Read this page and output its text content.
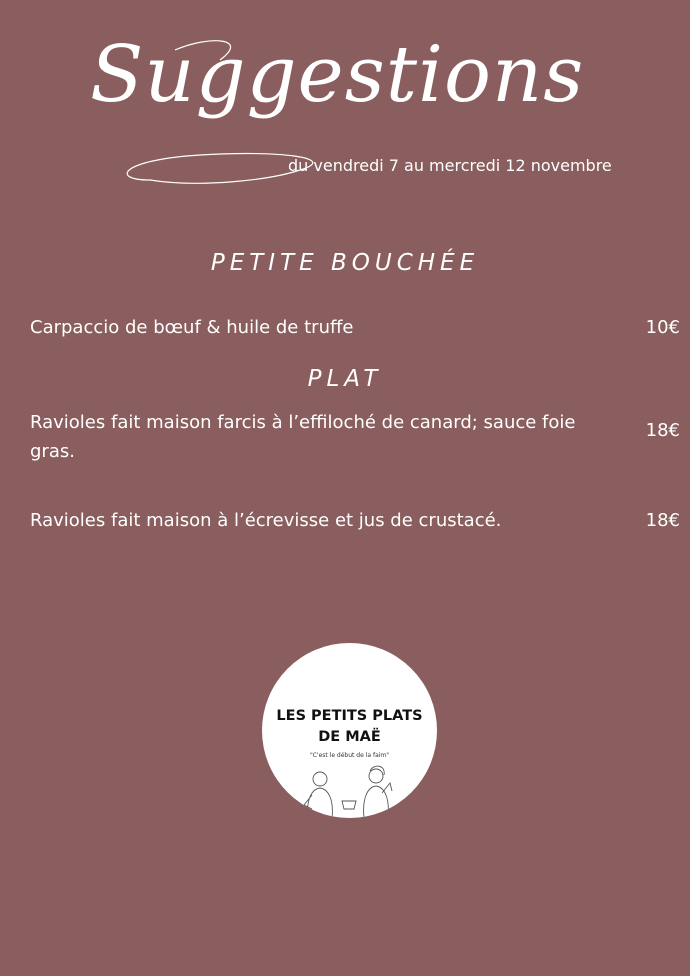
Suggestions
du vendredi 7 au mercredi 12 novembre
PETITE BOUCHÉE
Carpaccio de bœuf & huile de truffe	10€
PLAT
Ravioles fait maison farcis à l’effiloché de canard; sauce foie gras.
18€
Ravioles fait maison à l’écrevisse et jus de crustacé.	18€
LES PETITS PLATS
DE MAË
"C'est le début de la faim"
